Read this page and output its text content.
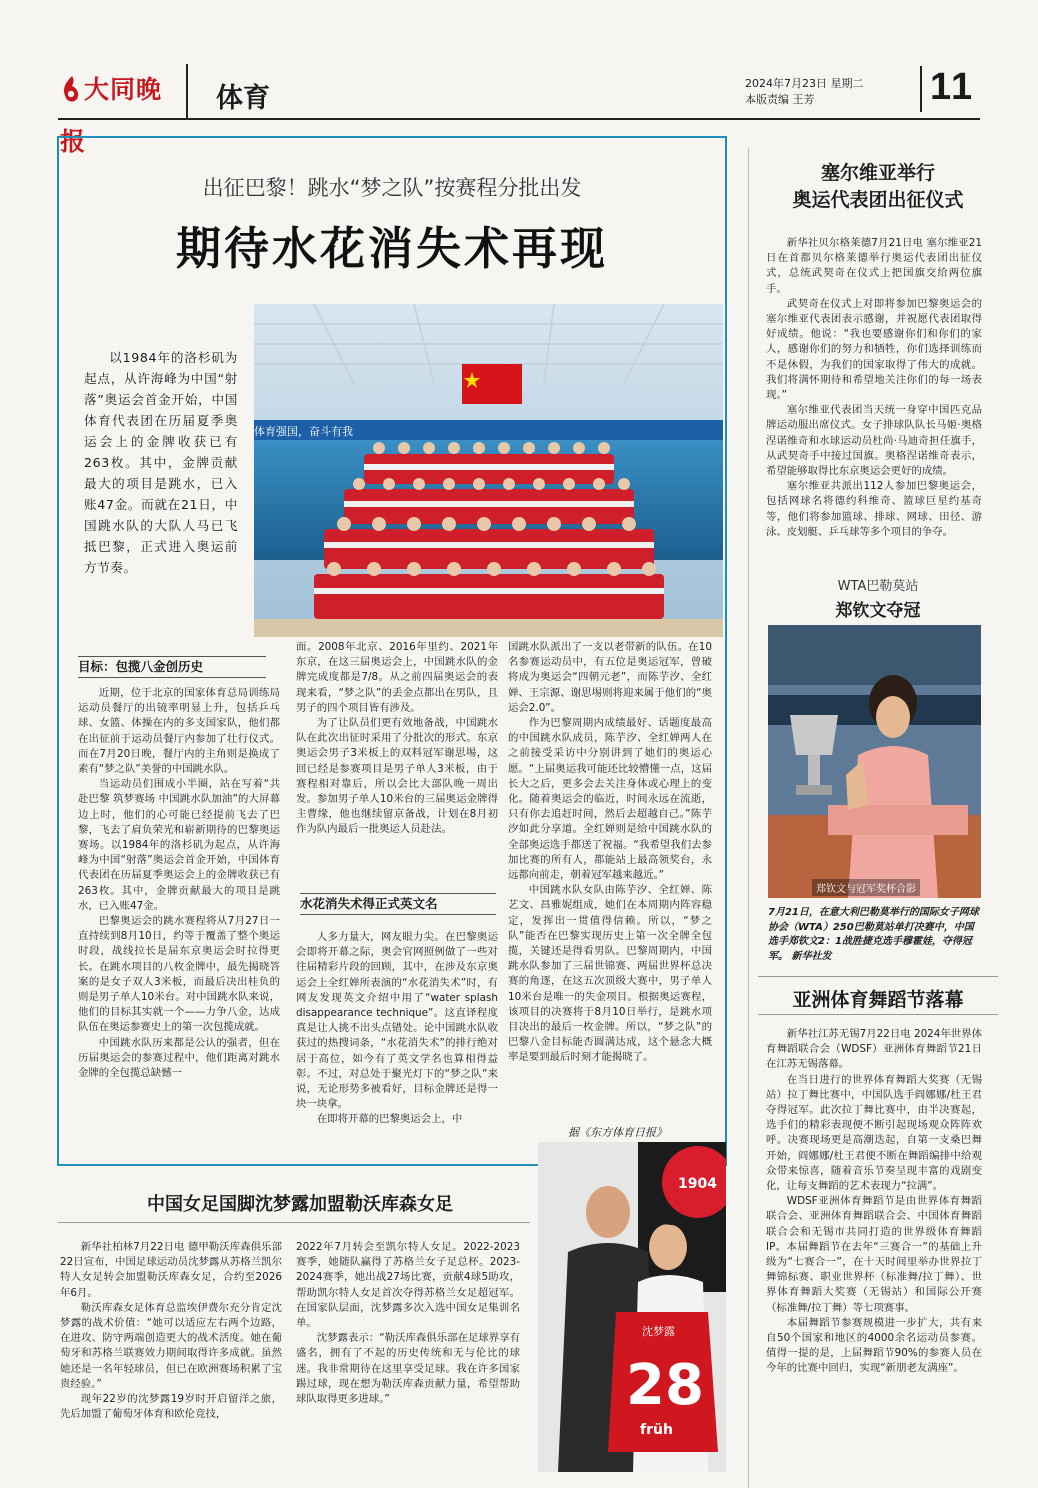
大同晚报
体育	2024年7月23日 星期二
本版责编 王芳	11
出征巴黎！跳水“梦之队”按赛程分批出发
期待水花消失术再现

以1984年的洛杉矶为起点，从许海峰为中国“射落”奥运会首金开始，中国体育代表团在历届夏季奥运会上的金牌收获已有263枚。其中，金牌贡献最大的项目是跳水，已入账47金。而就在21日，中国跳水队的大队人马已飞抵巴黎，正式进入奥运前方节奏。

体育强国，奋斗有我
目标：包揽八金创历史

近期，位于北京的国家体育总局训练局运动员餐厅的出镜率明显上升，包括乒乓球、女篮、体操在内的多支国家队，他们都在出征前于运动员餐厅内参加了壮行仪式。而在7月20日晚，餐厅内的主角则是换成了素有“梦之队”美誉的中国跳水队。

当运动员们围成小半圈，站在写着“共赴巴黎 筑梦赛场 中国跳水队加油”的大屏幕边上时，他们的心可能已经提前飞去了巴黎，飞去了肩负荣光和崭新期待的巴黎奥运赛场。以1984年的洛杉矶为起点，从许海峰为中国“射落”奥运会首金开始，中国体育代表团在历届夏季奥运会上的金牌收获已有263枚。其中，金牌贡献最大的项目是跳水，已入账47金。

巴黎奥运会的跳水赛程将从7月27日一直持续到8月10日，约等于覆盖了整个奥运时段，战线拉长是届东京奥运会时拉得更长。在跳水项目的八枚金牌中，最先揭晓答案的是女子双人3米板，而最后决出桂负的则是男子单人10米台。对中国跳水队来说，他们的目标其实就一个——力争八金，达成队伍在奥运参赛史上的第一次包揽成就。

中国跳水队历来都是公认的强者，但在历届奥运会的参赛过程中，他们距离对跳水金牌的全包揽总缺憾一

面。2008年北京、2016年里约、2021年东京，在这三届奥运会上，中国跳水队的金牌完成度都是7/8。从之前四届奥运会的表现来看，“梦之队”的丢金点都出在男队，且男子的四个项目皆有涉及。

为了让队员们更有效地备战，中国跳水队在此次出征时采用了分批次的形式。东京奥运会男子3米板上的双料冠军谢思埸，这回已经是参赛项目是男子单人3米板，由于赛程相对靠后，所以会比大部队晚一周出发。参加男子单人10米台的三届奥运金牌得主曹缘，他也继续留京备战，计划在8月初作为队内最后一批奥运人员赴法。

水花消失术得正式英文名

人多力量大，网友眼力尖。在巴黎奥运会即将开幕之际，奥会官网照例做了一些对往届精彩片段的回顾，其中，在涉及东京奥运会上全红婵所表演的“水花消失术”时，有网友发现英文介绍中用了“water splash disappearance technique”。这直译程度真是让人挑不出头点错处。论中国跳水队收获过的热搜词条，“水花消失术”的排行绝对居于高位，如今有了英文学名也算相得益彰。不过，对总处于聚光灯下的“梦之队”来说，无论形势多被看好，目标金牌还是得一块一块拿。

在即将开幕的巴黎奥运会上，中

国跳水队派出了一支以老带新的队伍。在10名参赛运动员中，有五位是奥运冠军，曾破将成为奥运会“四朝元老”，而陈芋汐、全红婵、王宗源、谢思埸则将迎来属于他们的“奥运会2.0”。

作为巴黎周期内成绩最好、话题度最高的中国跳水队成员，陈芋汐、全红婵两人在之前接受采访中分别讲到了她们的奥运心愿。“上届奥运我可能还比较懵懂一点，这届长大之后，更多会去关注身体或心理上的变化。随着奥运会的临近，时间永远在流逝，只有你去追赶时间，然后去超越自己。”陈芋汐如此分享道。全红婵则是给中国跳水队的全部奥运选手都送了祝福。“我希望我们去参加比赛的所有人，都能站上最高领奖台，永远都向前走，朝着冠军越来越近。”

中国跳水队女队由陈芋汐、全红婵、陈艺文、昌雅妮组成，她们在本周期内阵容稳定，发挥出一贯值得信赖。所以，“梦之队”能否在巴黎实现历史上第一次全牌全包揽，关键还是得看男队。巴黎周期内，中国跳水队参加了三届世锦赛、两届世界杯总决赛的角逐，在这五次顶级大赛中，男子单人10米台是唯一的失金项目。根据奥运赛程，该项目的决赛将于8月10日举行，是跳水项目决出的最后一枚金牌。所以，“梦之队”的巴黎八金目标能否圆满达成，这个悬念大概率是要到最后时刻才能揭晓了。

据《东方体育日报》
塞尔维亚举行
奥运代表团出征仪式

新华社贝尔格莱德7月21日电 塞尔维亚21日在首都贝尔格莱德举行奥运代表团出征仪式，总统武契奇在仪式上把国旗交给两位旗手。

武契奇在仪式上对即将参加巴黎奥运会的塞尔维亚代表团表示感谢，并祝愿代表团取得好成绩。他说：“我也要感谢你们和你们的家人，感谢你们的努力和牺牲，你们选择训练而不是休假，为我们的国家取得了伟大的成就。我们将满怀期待和希望地关注你们的每一场表现。”

塞尔维亚代表团当天统一身穿中国匹克品牌运动服出席仪式。女子排球队队长马姬·奥格涅诺维奇和水球运动员杜尚·马迪奇担任旗手，从武契奇手中接过国旗。奥格涅诺维奇表示，希望能够取得比东京奥运会更好的成绩。

塞尔维亚共派出112人参加巴黎奥运会，包括网球名将德约科维奇、篮球巨星约基奇等，他们将参加篮球、排球、网球、田径、游泳、皮划艇、乒乓球等多个项目的争夺。

WTA巴勒莫站
郑钦文夺冠
郑钦文与冠军奖杯合影
7月21日，在意大利巴勒莫举行的国际女子网球协会（WTA）250巴勒莫站单打决赛中，中国选手郑钦文2：1战胜捷克选手穆霍娃，夺得冠军。 新华社发
亚洲体育舞蹈节落幕

新华社江苏无锡7月22日电 2024年世界体育舞蹈联合会（WDSF）亚洲体育舞蹈节21日在江苏无锡落幕。

在当日进行的世界体育舞蹈大奖赛（无锡站）拉丁舞比赛中，中国队选手阎娜娜/杜王君夺得冠军。此次拉丁舞比赛中，由半决赛起，选手们的精彩表现便不断引起现场观众阵阵欢呼。决赛现场更是高潮迭起，自第一支桑巴舞开始，阎娜娜/杜王君便不断在舞蹈编排中给观众带来惊喜，随着音乐节奏呈现丰富的戏剧变化，让每支舞蹈的艺术表现力“拉满”。

WDSF亚洲体育舞蹈节是由世界体育舞蹈联合会、亚洲体育舞蹈联合会、中国体育舞蹈联合会和无锡市共同打造的世界级体育舞蹈IP。本届舞蹈节在去年“三赛合一”的基础上升级为“七赛合一”，在十天时间里举办世界拉丁舞锦标赛、职业世界杯（标准舞/拉丁舞）、世界体育舞蹈大奖赛（无锡站）和国际公开赛（标准舞/拉丁舞）等七项赛事。

本届舞蹈节参赛规模进一步扩大，共有来自50个国家和地区的4000余名运动员参赛。值得一提的是，上届舞蹈节90%的参赛人员在今年的比赛中回归，实现“新朋老友满座”。

中国女足国脚沈梦露加盟勒沃库森女足

新华社柏林7月22日电 德甲勒沃库森俱乐部22日宣布，中国足球运动员沈梦露从苏格兰凯尔特人女足转会加盟勒沃库森女足，合约至2026年6月。

勒沃库森女足体育总监埃伊费尔充分肯定沈梦露的战术价值：“她可以适应左右两个边路，在进攻、防守两端创造更大的战术活度。她在葡萄牙和苏格兰联赛效力期间取得许多成就。虽然她还是一名年轻球员，但已在欧洲赛场积累了宝贵经验。”

现年22岁的沈梦露19岁时开启留洋之旅，先后加盟了葡萄牙体育和欧伦竞技，

2022年7月转会至凯尔特人女足。2022-2023赛季，她随队赢得了苏格兰女子足总杯。2023-2024赛季，她出战27场比赛，贡献4球5助攻，帮助凯尔特人女足首次夺得苏格兰女足超冠军。在国家队层面，沈梦露多次入选中国女足集训名单。

沈梦露表示：“勒沃库森俱乐部在足球界享有盛名，拥有了不起的历史传统和无与伦比的球迷。我非常期待在这里享受足球。我在许多国家踢过球，现在想为勒沃库森贡献力量，希望帮助球队取得更多进球。”

1904
沈梦露
28
früh
